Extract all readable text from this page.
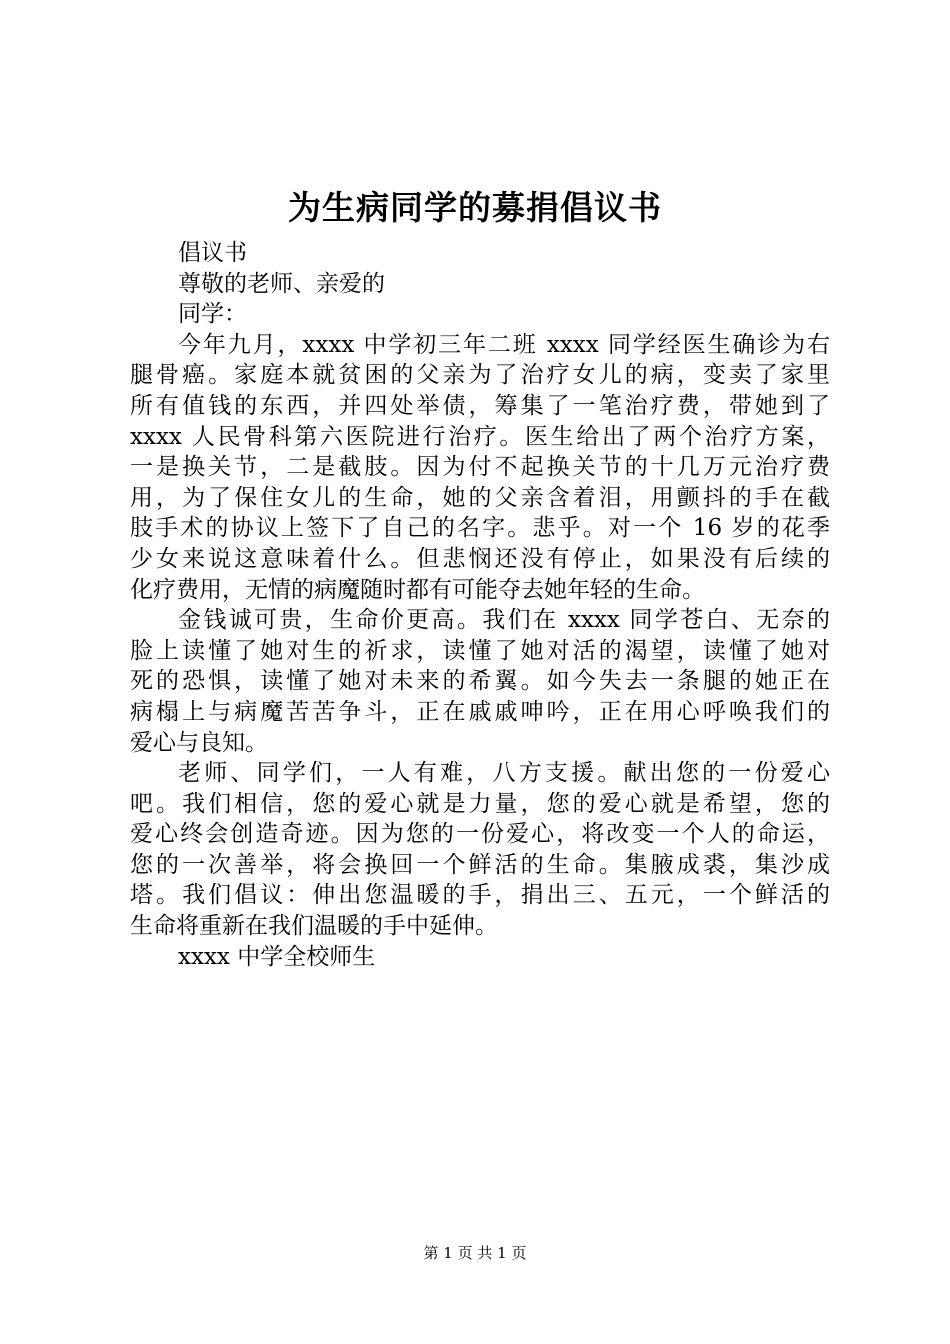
为生病同学的募捐倡议书
倡议书
尊敬的老师、亲爱的
同学：
今年九月，xxxx 中学初三年二班 xxxx 同学经医生确诊为右
腿骨癌。家庭本就贫困的父亲为了治疗女儿的病，变卖了家里
所有值钱的东西，并四处举债，筹集了一笔治疗费，带她到了
xxxx 人民骨科第六医院进行治疗。医生给出了两个治疗方案，
一是换关节，二是截肢。因为付不起换关节的十几万元治疗费
用，为了保住女儿的生命，她的父亲含着泪，用颤抖的手在截
肢手术的协议上签下了自己的名字。悲乎。对一个 16 岁的花季
少女来说这意味着什么。但悲悯还没有停止，如果没有后续的
化疗费用，无情的病魔随时都有可能夺去她年轻的生命。
金钱诚可贵，生命价更高。我们在 xxxx 同学苍白、无奈的
脸上读懂了她对生的祈求，读懂了她对活的渴望，读懂了她对
死的恐惧，读懂了她对未来的希翼。如今失去一条腿的她正在
病榻上与病魔苦苦争斗，正在戚戚呻吟，正在用心呼唤我们的
爱心与良知。
老师、同学们，一人有难，八方支援。献出您的一份爱心
吧。我们相信，您的爱心就是力量，您的爱心就是希望，您的
爱心终会创造奇迹。因为您的一份爱心，将改变一个人的命运，
您的一次善举，将会换回一个鲜活的生命。集腋成裘，集沙成
塔。我们倡议：伸出您温暖的手，捐出三、五元，一个鲜活的
生命将重新在我们温暖的手中延伸。
xxxx 中学全校师生
第 1 页 共 1 页
